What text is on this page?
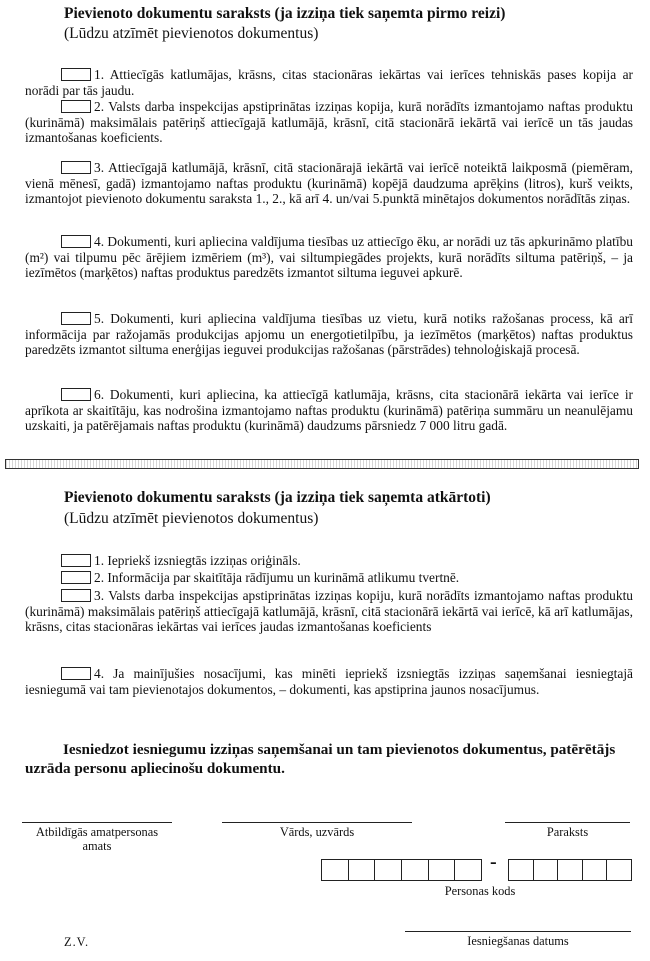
Pievienoto dokumentu saraksts (ja izziņa tiek saņemta pirmo reizi)
(Lūdzu atzīmēt pievienotos dokumentus)
1. Attiecīgās katlumājas, krāsns, citas stacionāras iekārtas vai ierīces tehniskās pases kopija ar norādi par tās jaudu.
2. Valsts darba inspekcijas apstiprinātas izziņas kopija, kurā norādīts izmantojamo naftas produktu (kurināmā) maksimālais patēriņš attiecīgajā katlumājā, krāsnī, citā stacionārā iekārtā vai ierīcē un tās jaudas izmantošanas koeficients.
3. Attiecīgajā katlumājā, krāsnī, citā stacionārajā iekārtā vai ierīcē noteiktā laikposmā (piemēram, vienā mēnesī, gadā) izmantojamo naftas produktu (kurināmā) kopējā daudzuma aprēķins (litros), kurš veikts, izmantojot pievienoto dokumentu saraksta 1., 2., kā arī 4. un/vai 5.punktā minētajos dokumentos norādītās ziņas.
4. Dokumenti, kuri apliecina valdījuma tiesības uz attiecīgo ēku, ar norādi uz tās apkurināmo platību (m²) vai tilpumu pēc ārējiem izmēriem (m³), vai siltumpiegādes projekts, kurā norādīts siltuma patēriņš, – ja iezīmētos (marķētos) naftas produktus paredzēts izmantot siltuma ieguvei apkurē.
5. Dokumenti, kuri apliecina valdījuma tiesības uz vietu, kurā notiks ražošanas process, kā arī informācija par ražojamās produkcijas apjomu un energotietilpību, ja iezīmētos (marķētos) naftas produktus paredzēts izmantot siltuma enerģijas ieguvei produkcijas ražošanas (pārstrādes) tehnoloģiskajā procesā.
6. Dokumenti, kuri apliecina, ka attiecīgā katlumāja, krāsns, cita stacionārā iekārta vai ierīce ir aprīkota ar skaitītāju, kas nodrošina izmantojamo naftas produktu (kurināmā) patēriņa summāru un neanulējamu uzskaiti, ja patērējamais naftas produktu (kurināmā) daudzums pārsniedz 7 000 litru gadā.
Pievienoto dokumentu saraksts (ja izziņa tiek saņemta atkārtoti)
(Lūdzu atzīmēt pievienotos dokumentus)
1. Iepriekš izsniegtās izziņas oriģināls.
2. Informācija par skaitītāja rādījumu un kurināmā atlikumu tvertnē.
3. Valsts darba inspekcijas apstiprinātas izziņas kopiju, kurā norādīts izmantojamo naftas produktu (kurināmā) maksimālais patēriņš attiecīgajā katlumājā, krāsnī, citā stacionārā iekārtā vai ierīcē, kā arī katlumājas, krāsns, citas stacionāras iekārtas vai ierīces jaudas izmantošanas koeficients
4. Ja mainījušies nosacījumi, kas minēti iepriekš izsniegtās izziņas saņemšanai iesniegtajā iesniegumā vai tam pievienotajos dokumentos, – dokumenti, kas apstiprina jaunos nosacījumus.
Iesniedzot iesniegumu izziņas saņemšanai un tam pievienotos dokumentus, patērētājs uzrāda personu apliecinošu dokumentu.
Atbildīgās amatpersonas amats
Vārds, uzvārds	Paraksts
-
Personas kods
Z.V.	Iesniegšanas datums
